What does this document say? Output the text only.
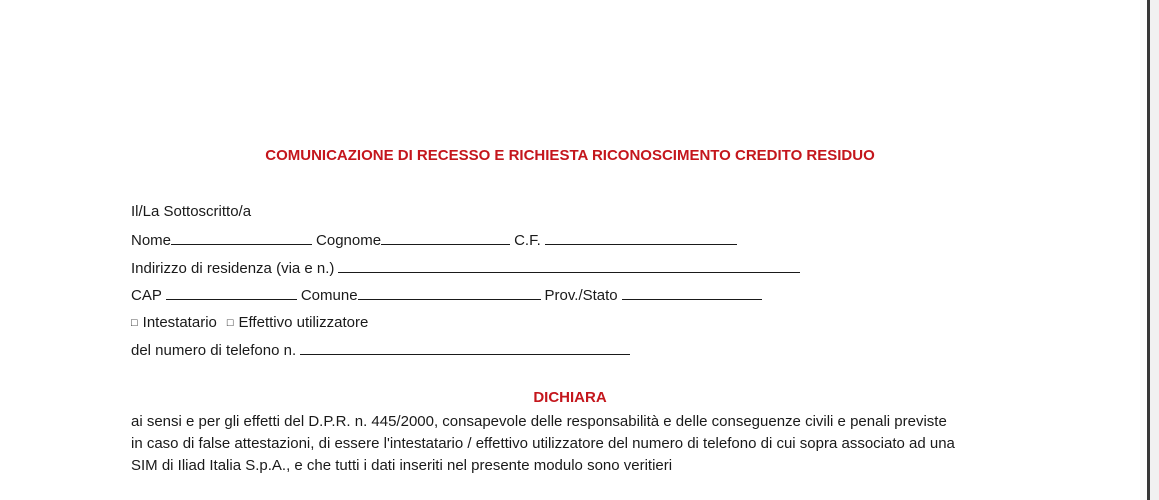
COMUNICAZIONE DI RECESSO E RICHIESTA RICONOSCIMENTO CREDITO RESIDUO
Il/La Sottoscritto/a
Nome	Cognome	C.F.
Indirizzo di residenza (via e n.)
CAP	Comune	Prov./Stato
□ Intestatario □ Effettivo utilizzatore
del numero di telefono n.
DICHIARA
ai sensi e per gli effetti del D.P.R. n. 445/2000, consapevole delle responsabilità e delle conseguenze civili e penali previste
in caso di false attestazioni, di essere l'intestatario / effettivo utilizzatore del numero di telefono di cui sopra associato ad una
SIM di Iliad Italia S.p.A., e che tutti i dati inseriti nel presente modulo sono veritieri
